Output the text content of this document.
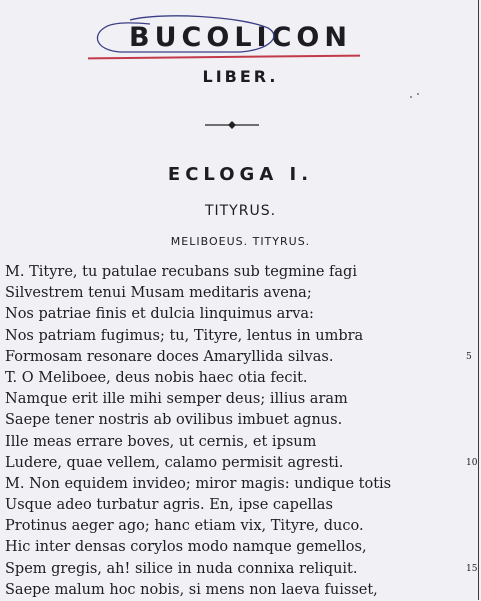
BUCOLICON
LIBER.
ECLOGA I.
TITYRUS.
MELIBOEUS. TITYRUS.
M. Tityre, tu patulae recubans sub tegmine fagi
Silvestrem tenui Musam meditaris avena;
Nos patriae finis et dulcia linquimus arva:
Nos patriam fugimus; tu, Tityre, lentus in umbra
Formosam resonare doces Amaryllida silvas.	5
T. O Meliboee, deus nobis haec otia fecit.
Namque erit ille mihi semper deus; illius aram
Saepe tener nostris ab ovilibus imbuet agnus.
Ille meas errare boves, ut cernis, et ipsum
Ludere, quae vellem, calamo permisit agresti.	10
M. Non equidem invideo; miror magis: undique totis
Usque adeo turbatur agris. En, ipse capellas
Protinus aeger ago; hanc etiam vix, Tityre, duco.
Hic inter densas corylos modo namque gemellos,
Spem gregis, ah! silice in nuda connixa reliquit.	15
Saepe malum hoc nobis, si mens non laeva fuisset,
